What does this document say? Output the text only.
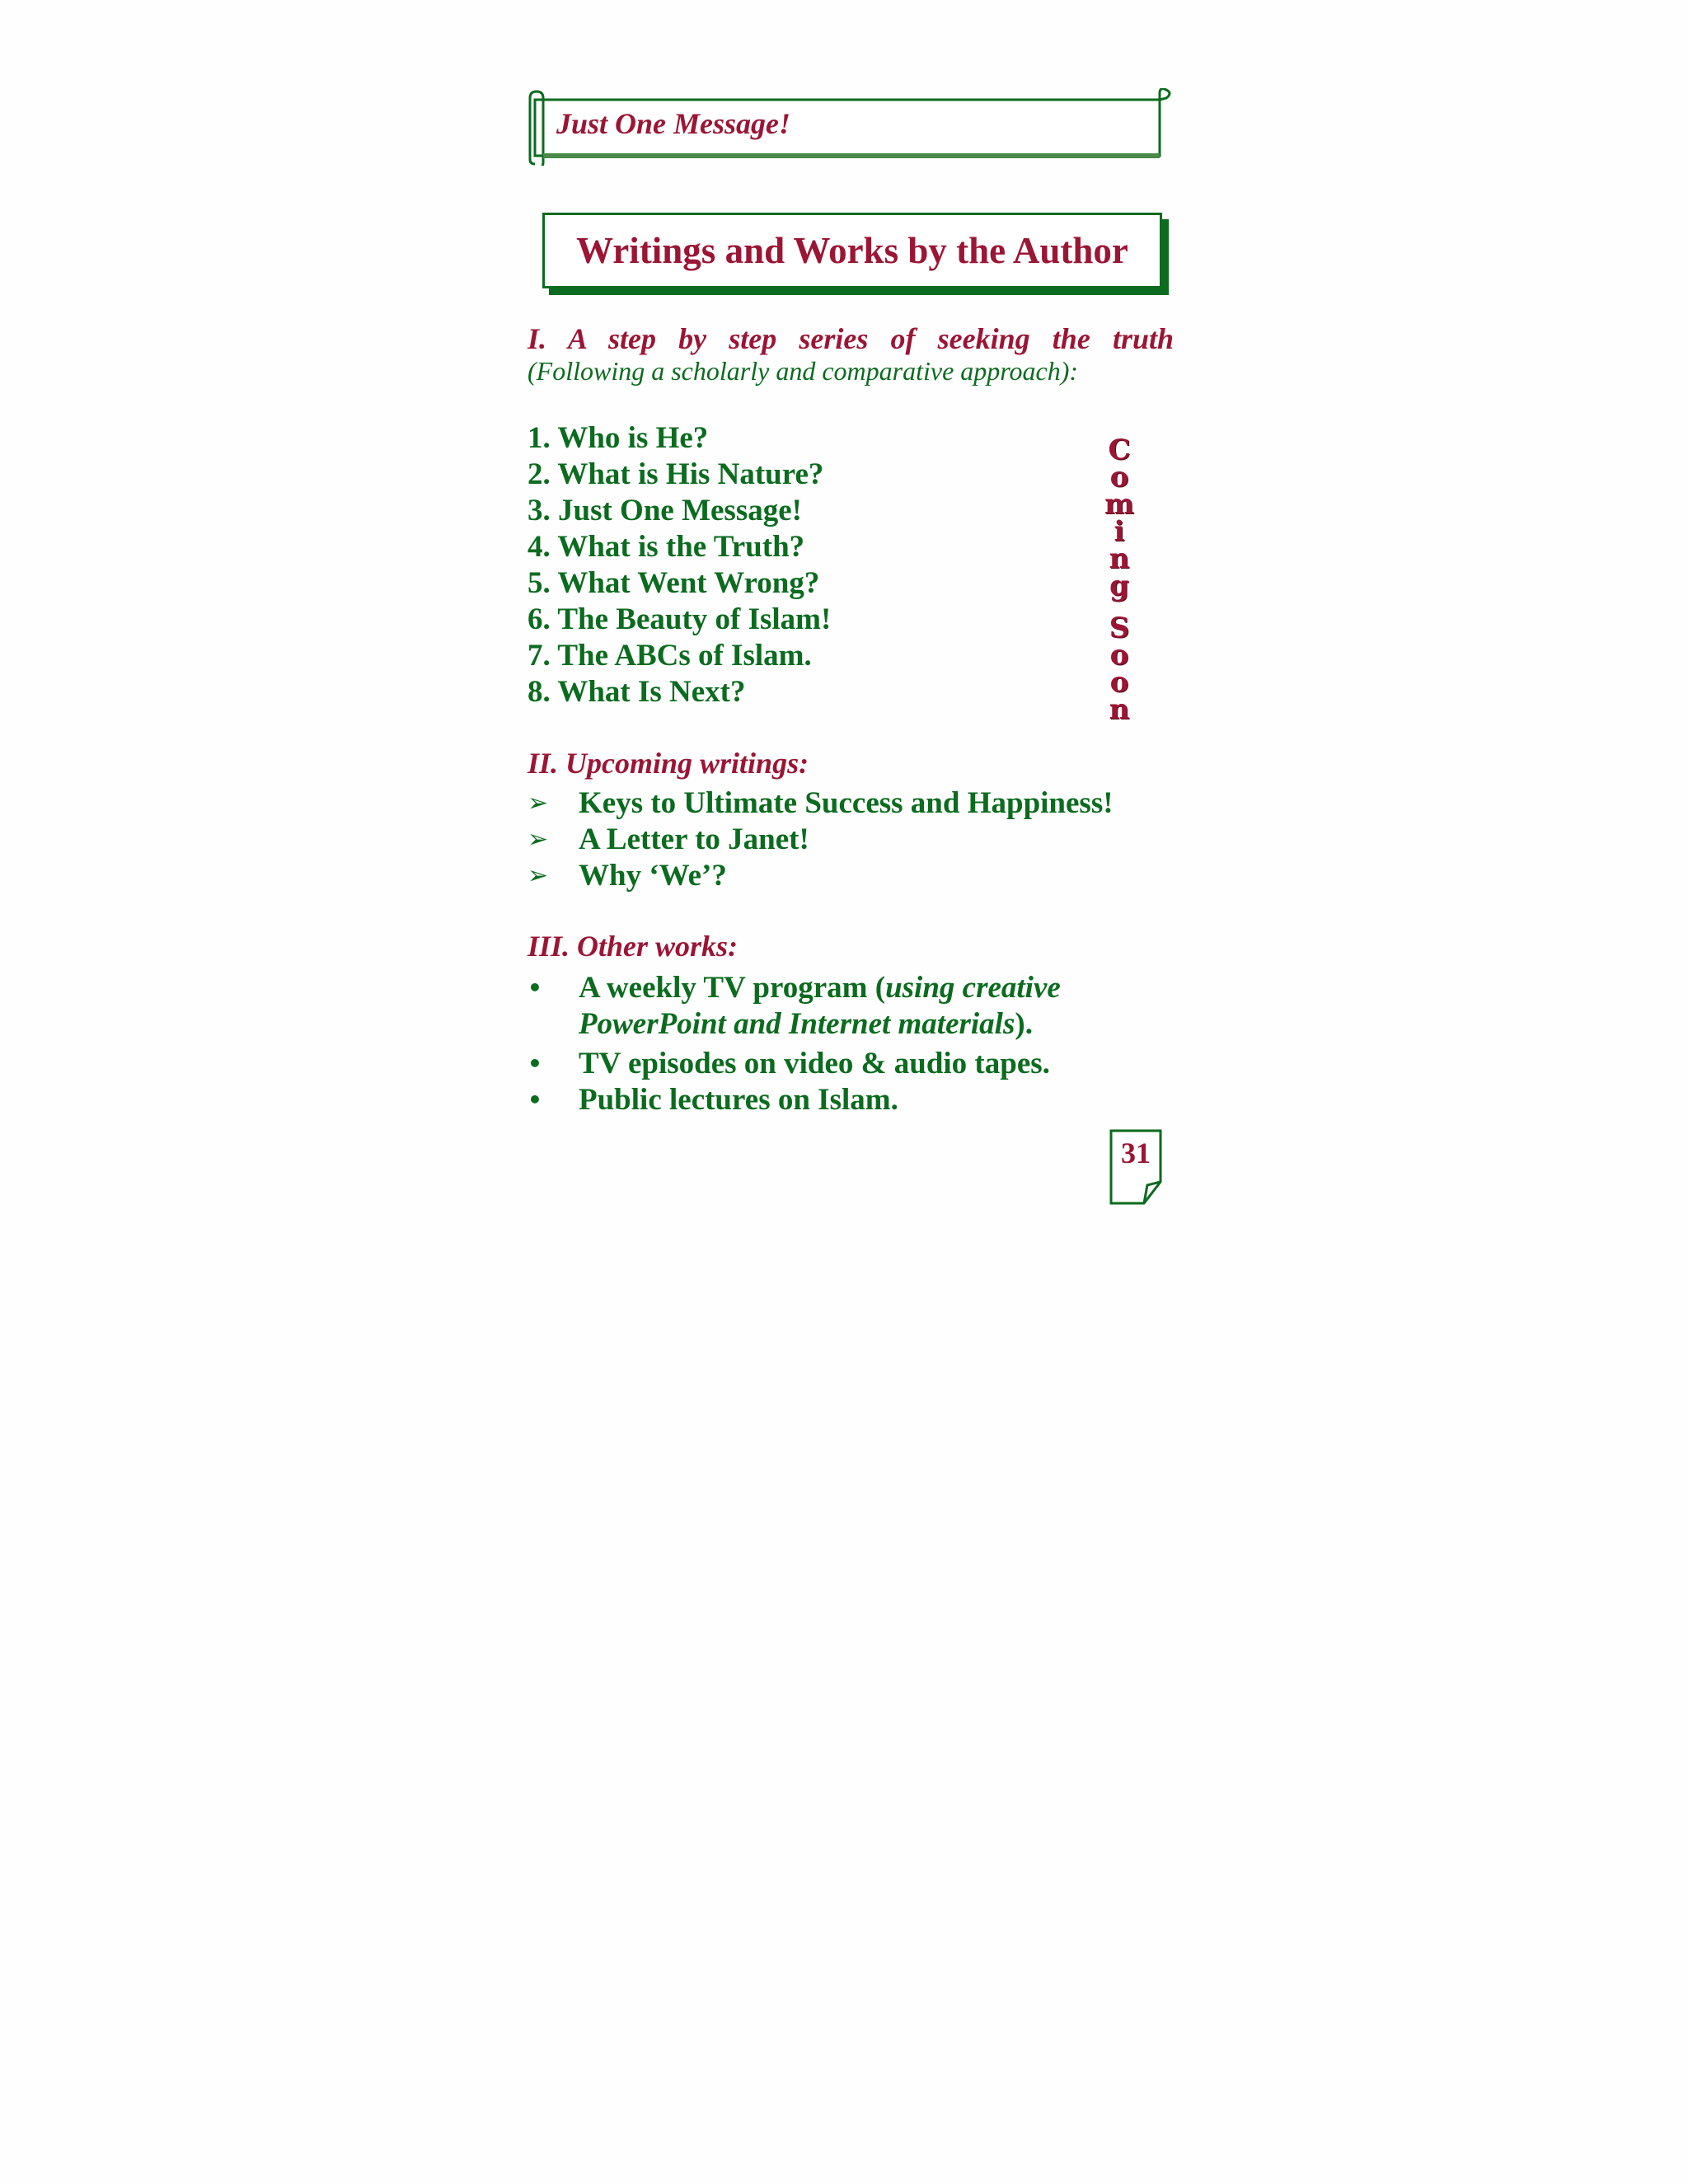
Just One Message!
Writings and Works by the Author
I. A step by step series of seeking the truth
(Following a scholarly and comparative approach):
1. Who is He?
2. What is His Nature?
3. Just One Message!
4. What is the Truth?
5. What Went Wrong?
6. The Beauty of Islam!
7. The ABCs of Islam.
8. What Is Next?
C
o
m
i
n
g

S
o
o
n
II. Upcoming writings:
➢ Keys to Ultimate Success and Happiness!
➢ A Letter to Janet!
➢ Why ‘We’?
III. Other works:
•	A weekly TV program (using creative
PowerPoint and Internet materials).
•	TV episodes on video & audio tapes.
•	Public lectures on Islam.
31
